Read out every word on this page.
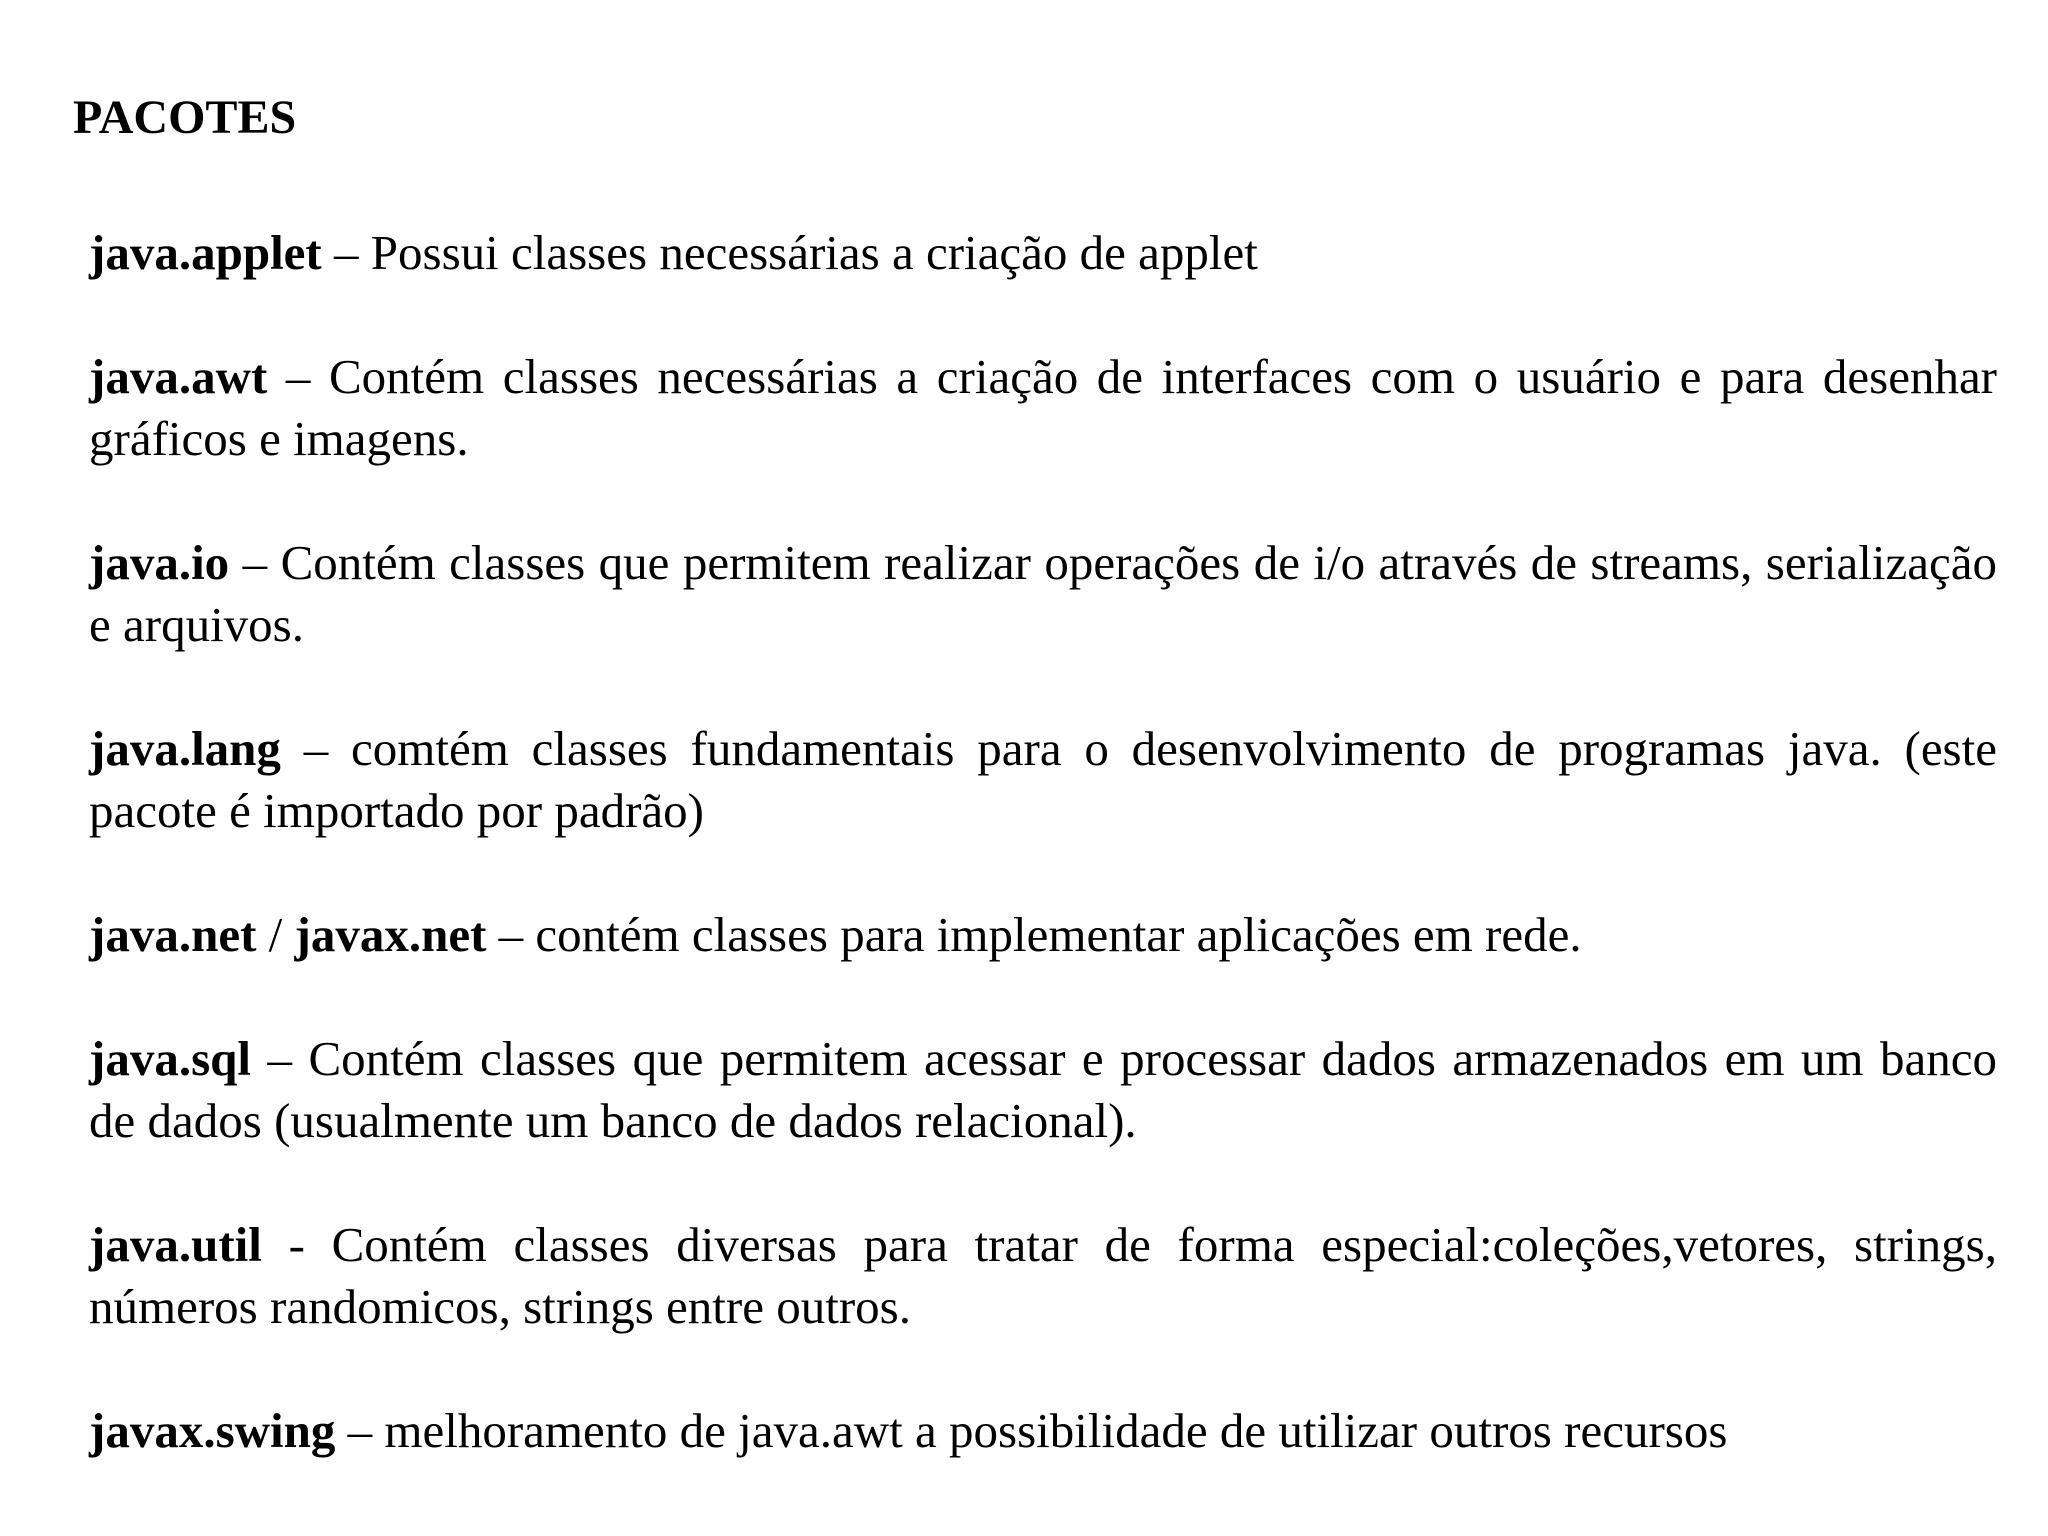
PACOTES

java.applet – Possui classes necessárias a criação de applet

java.awt – Contém classes necessárias a criação de interfaces com o usuário e para desenhar gráficos e imagens.

java.io – Contém classes que permitem realizar operações de i/o através de streams, serialização e arquivos.

java.lang – comtém classes fundamentais para o desenvolvimento de programas java. (este pacote é importado por padrão)

java.net / javax.net – contém classes para implementar aplicações em rede.

java.sql – Contém classes que permitem acessar e processar dados armazenados em um banco de dados (usualmente um banco de dados relacional).

java.util - Contém classes diversas para tratar de forma especial:coleções,vetores, strings, números randomicos, strings entre outros.

javax.swing – melhoramento de java.awt a possibilidade de utilizar outros recursos
